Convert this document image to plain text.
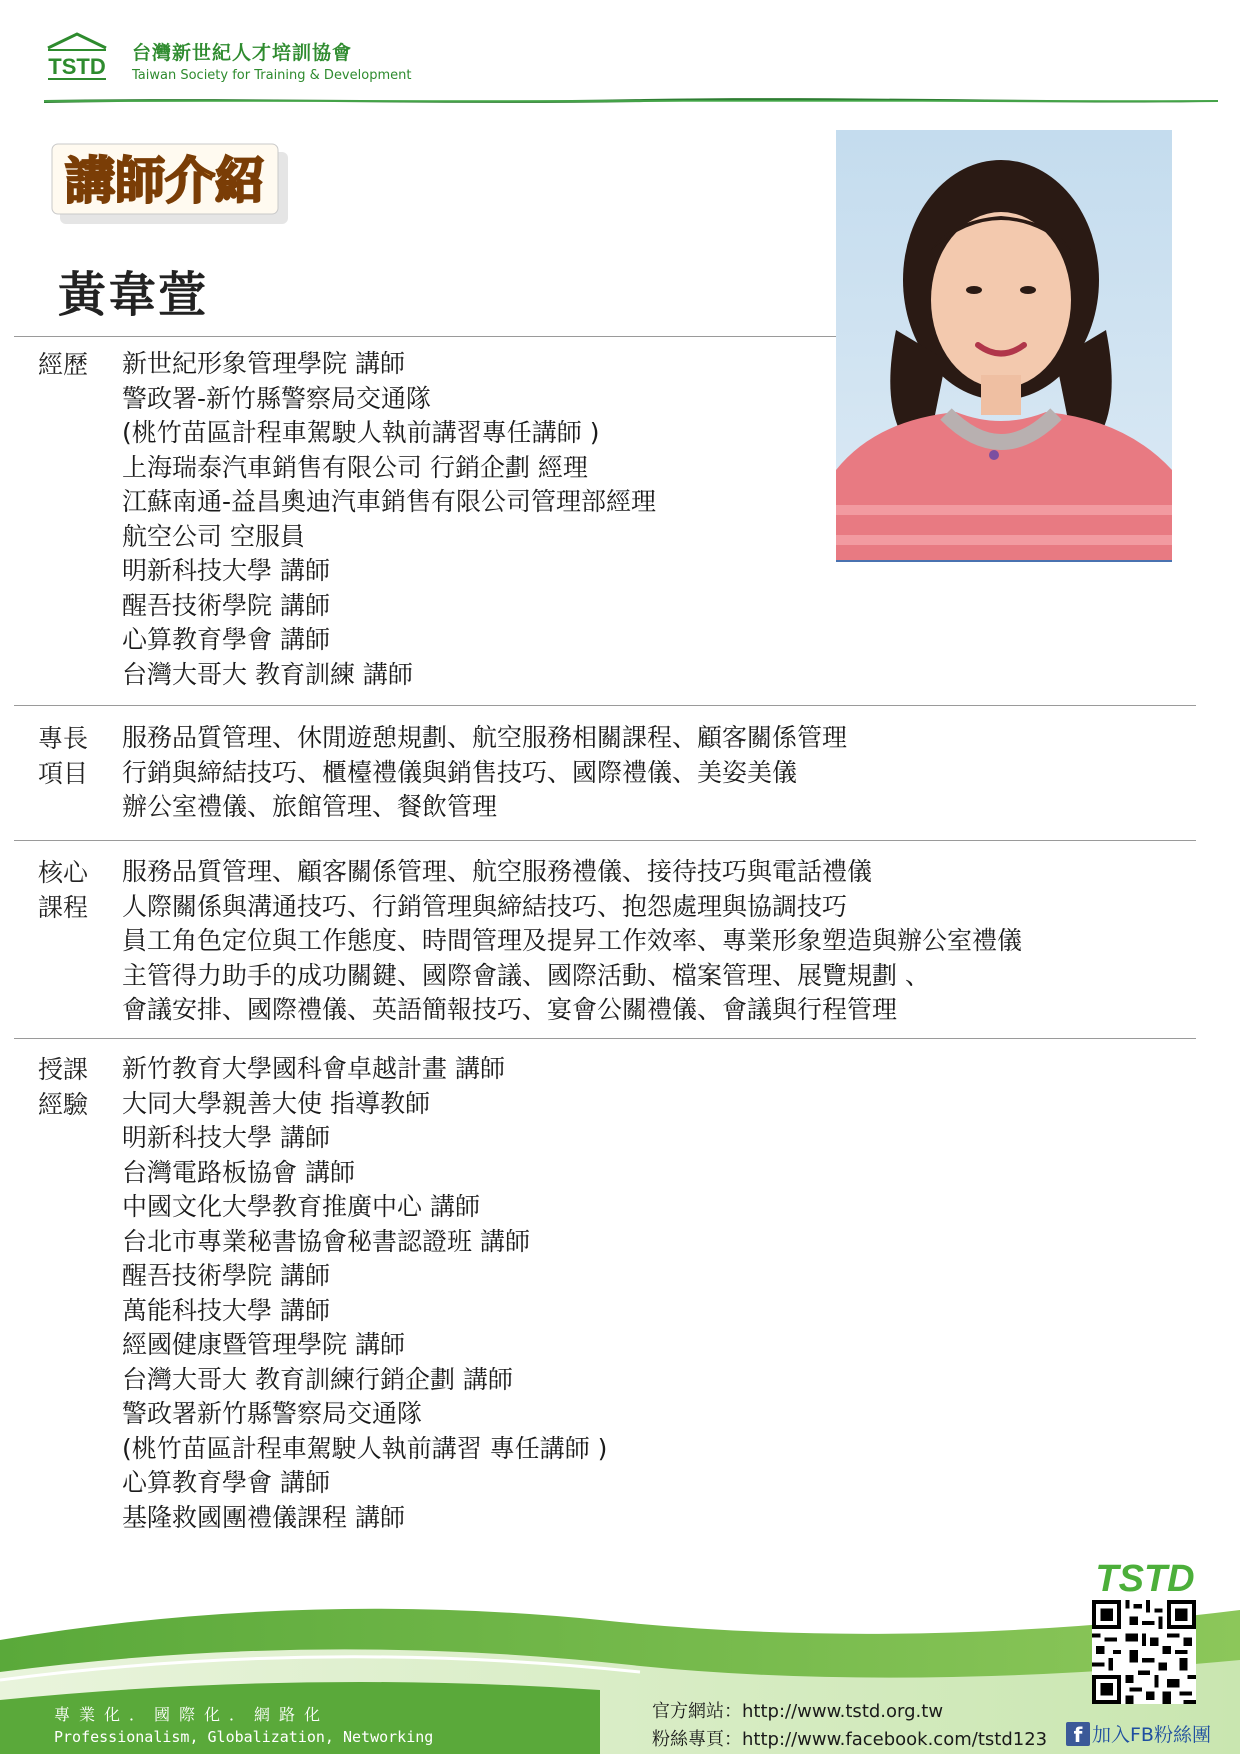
TSTD
台灣新世紀人才培訓協會
Taiwan Society for Training & Development
講師介紹
黃韋萱
經歷 新世紀形象管理學院 講師
警政署-新竹縣警察局交通隊
(桃竹苗區計程車駕駛人執前講習專任講師 )
上海瑞泰汽車銷售有限公司 行銷企劃 經理
江蘇南通-益昌奧迪汽車銷售有限公司管理部經理
航空公司 空服員
明新科技大學 講師
醒吾技術學院 講師
心算教育學會 講師
台灣大哥大 教育訓練 講師
專長
項目
服務品質管理、休閒遊憩規劃、航空服務相關課程、顧客關係管理
行銷與締結技巧、櫃檯禮儀與銷售技巧、國際禮儀、美姿美儀
辦公室禮儀、旅館管理、餐飲管理
核心
課程
服務品質管理、顧客關係管理、航空服務禮儀、接待技巧與電話禮儀
人際關係與溝通技巧、行銷管理與締結技巧、抱怨處理與協調技巧
員工角色定位與工作態度、時間管理及提昇工作效率、專業形象塑造與辦公室禮儀
主管得力助手的成功關鍵、國際會議、國際活動、檔案管理、展覽規劃 、
會議安排、國際禮儀、英語簡報技巧、宴會公關禮儀、會議與行程管理
授課
經驗
新竹教育大學國科會卓越計畫 講師
大同大學親善大使 指導教師
明新科技大學 講師
台灣電路板協會 講師
中國文化大學教育推廣中心 講師
台北市專業秘書協會秘書認證班 講師
醒吾技術學院 講師
萬能科技大學 講師
經國健康暨管理學院 講師
台灣大哥大 教育訓練行銷企劃 講師
警政署新竹縣警察局交通隊
(桃竹苗區計程車駕駛人執前講習 專任講師 )
心算教育學會 講師
基隆救國團禮儀課程 講師
專業化．國際化．網路化
Professionalism, Globalization, Networking
官方網站：http://www.tstd.org.tw
粉絲專頁：http://www.facebook.com/tstd123
TSTD
f 加入FB粉絲團
